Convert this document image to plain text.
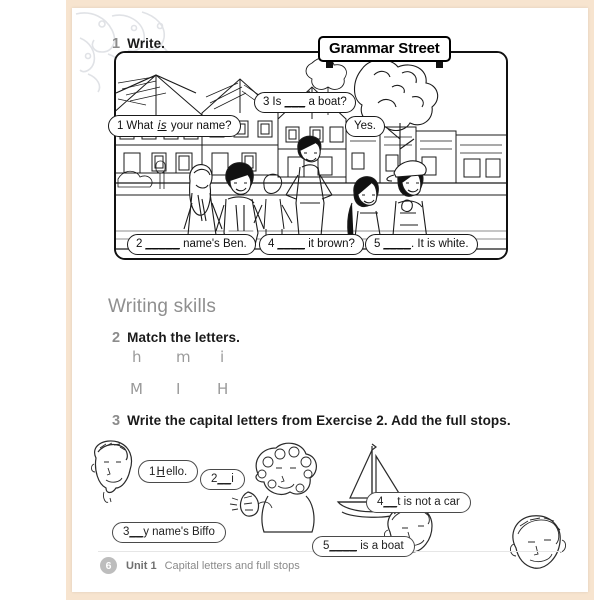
1 Write.	Grammar Street
1 What is your name?
3 Is ___ a boat?
Yes.
2 _____ name's Ben.	4 ____ it brown?	5 ____. It is white.
Writing skills
2 Match the letters.
h m i
M I H
3 Write the capital letters from Exercise 2. Add the full stops.
1Hello.
2__i
3__y name's Biffo
4__t is not a car
5____ is a boat
6	Unit 1 Capital letters and full stops
